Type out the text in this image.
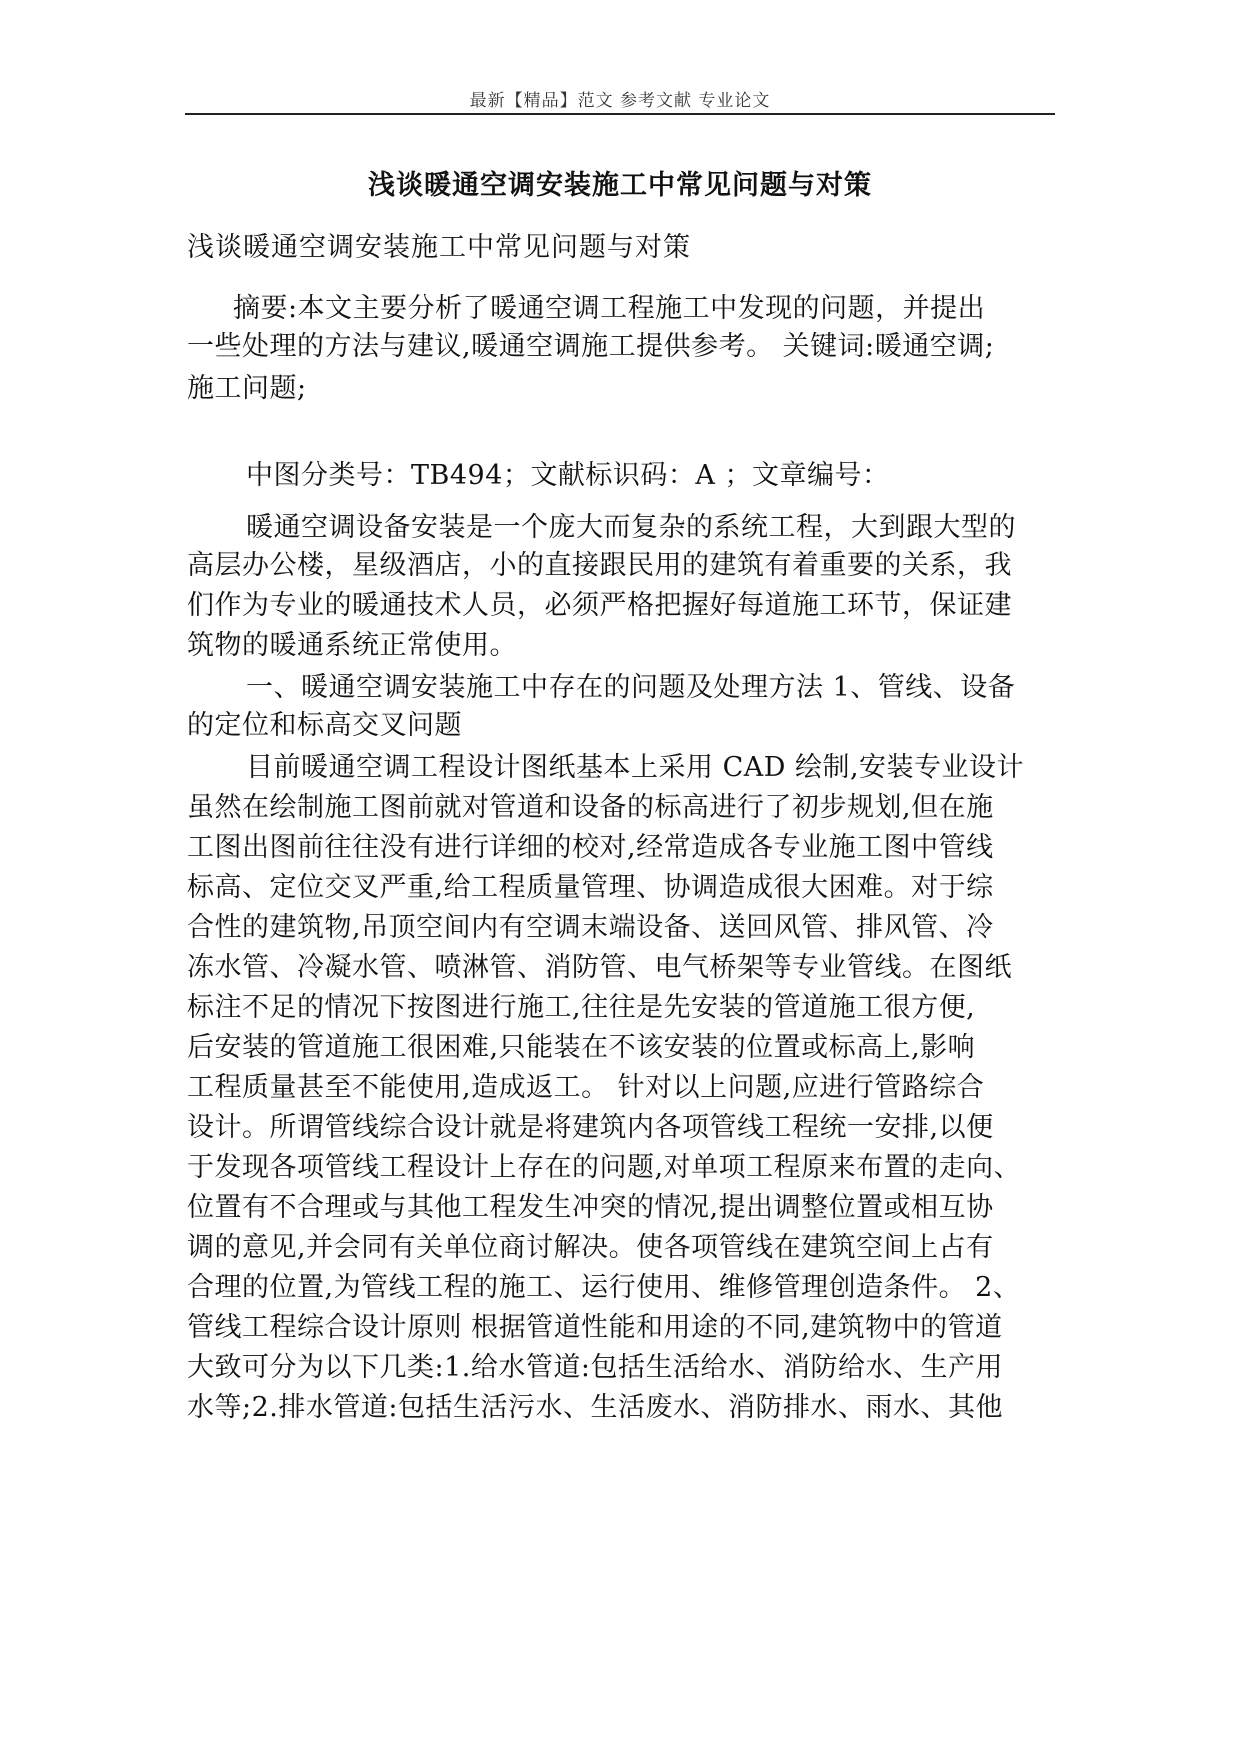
最新【精品】范文 参考文献 专业论文
浅谈暖通空调安装施工中常见问题与对策
浅谈暖通空调安装施工中常见问题与对策
摘要:本文主要分析了暖通空调工程施工中发现的问题，并提出
一些处理的方法与建议,暖通空调施工提供参考。 关键词:暖通空调;
施工问题;
中图分类号：TB494；文献标识码：A ；文章编号：
暖通空调设备安装是一个庞大而复杂的系统工程，大到跟大型的
高层办公楼，星级酒店，小的直接跟民用的建筑有着重要的关系，我
们作为专业的暖通技术人员，必须严格把握好每道施工环节，保证建
筑物的暖通系统正常使用。
一、暖通空调安装施工中存在的问题及处理方法 1、管线、设备
的定位和标高交叉问题
目前暖通空调工程设计图纸基本上采用 CAD 绘制,安装专业设计
虽然在绘制施工图前就对管道和设备的标高进行了初步规划,但在施
工图出图前往往没有进行详细的校对,经常造成各专业施工图中管线
标高、定位交叉严重,给工程质量管理、协调造成很大困难。对于综
合性的建筑物,吊顶空间内有空调末端设备、送回风管、排风管、冷
冻水管、冷凝水管、喷淋管、消防管、电气桥架等专业管线。在图纸
标注不足的情况下按图进行施工,往往是先安装的管道施工很方便,
后安装的管道施工很困难,只能装在不该安装的位置或标高上,影响
工程质量甚至不能使用,造成返工。 针对以上问题,应进行管路综合
设计。所谓管线综合设计就是将建筑内各项管线工程统一安排,以便
于发现各项管线工程设计上存在的问题,对单项工程原来布置的走向、
位置有不合理或与其他工程发生冲突的情况,提出调整位置或相互协
调的意见,并会同有关单位商讨解决。使各项管线在建筑空间上占有
合理的位置,为管线工程的施工、运行使用、维修管理创造条件。 2、
管线工程综合设计原则 根据管道性能和用途的不同,建筑物中的管道
大致可分为以下几类:1.给水管道:包括生活给水、消防给水、生产用
水等;2.排水管道:包括生活污水、生活废水、消防排水、雨水、其他
